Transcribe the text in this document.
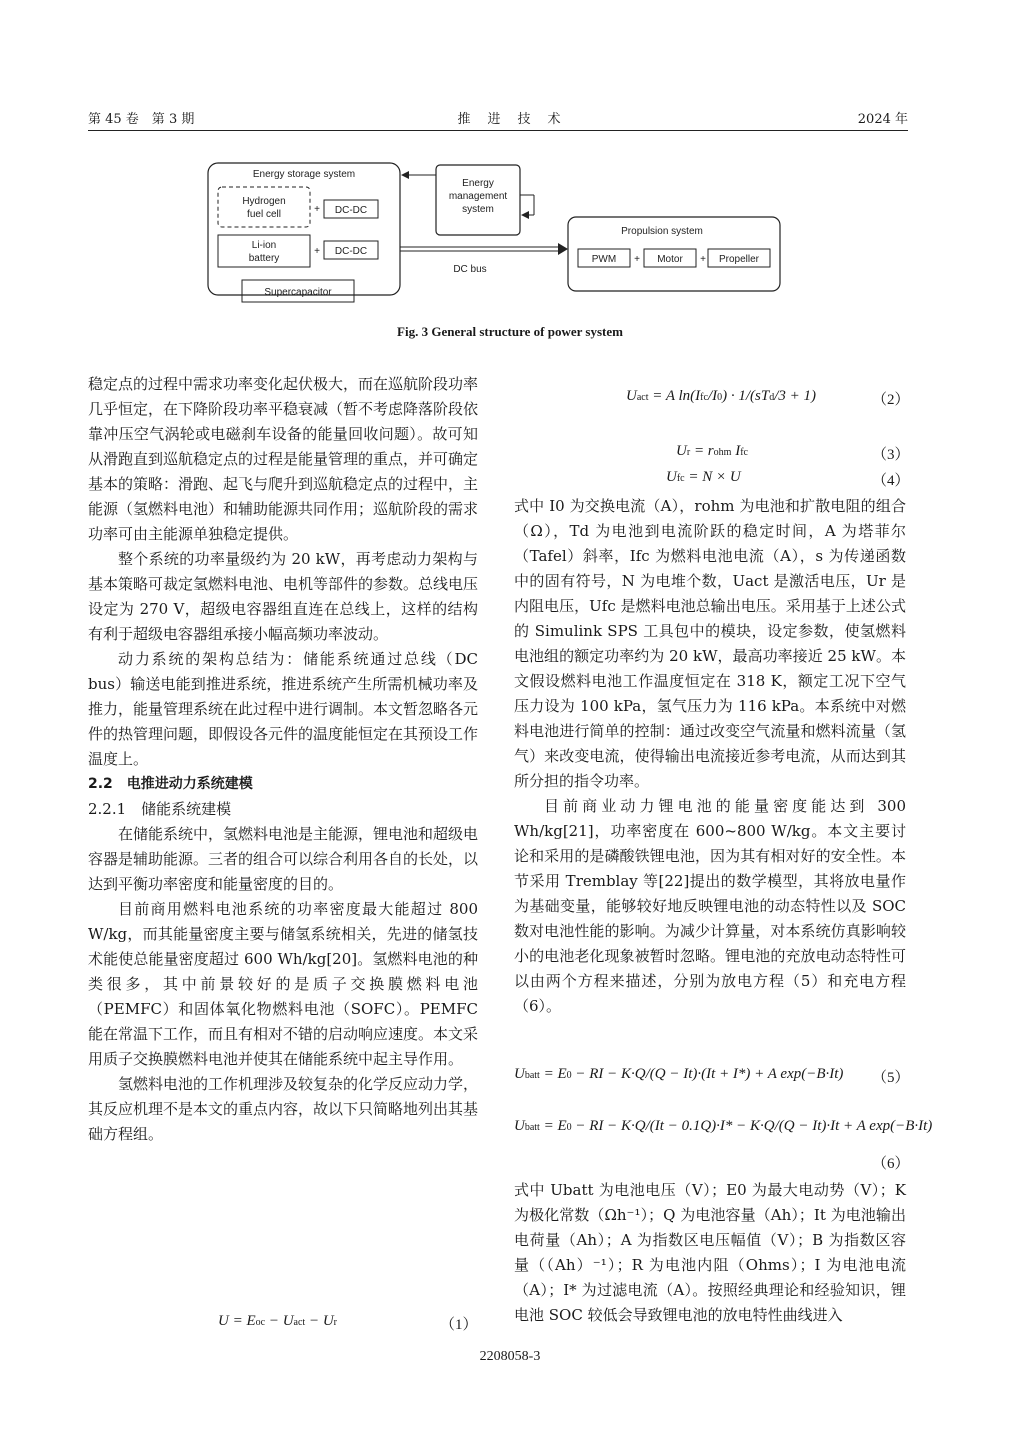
第 45 卷　第 3 期	推　进　技　术	2024 年
Energy storage system
Hydrogen
fuel cell	+ DC-DC
Li-ion
battery
+ DC-DC
Supercapacitor
Energy
management
system
DC bus
Propulsion system
PWM + Motor + Propeller
Fig. 3 General structure of power system

稳定点的过程中需求功率变化起伏极大，而在巡航阶段功率几乎恒定，在下降阶段功率平稳衰减（暂不考虑降落阶段依靠冲压空气涡轮或电磁刹车设备的能量回收问题）。故可知从滑跑直到巡航稳定点的过程是能量管理的重点，并可确定基本的策略：滑跑、起飞与爬升到巡航稳定点的过程中，主能源（氢燃料电池）和辅助能源共同作用；巡航阶段的需求功率可由主能源单独稳定提供。

整个系统的功率量级约为 20 kW，再考虑动力架构与基本策略可裁定氢燃料电池、电机等部件的参数。总线电压设定为 270 V，超级电容器组直连在总线上，这样的结构有利于超级电容器组承接小幅高频功率波动。

动力系统的架构总结为：储能系统通过总线（DC bus）输送电能到推进系统，推进系统产生所需机械功率及推力，能量管理系统在此过程中进行调制。本文暂忽略各元件的热管理问题，即假设各元件的温度能恒定在其预设工作温度上。

2.2　电推进动力系统建模

2.2.1　储能系统建模

在储能系统中，氢燃料电池是主能源，锂电池和超级电容器是辅助能源。三者的组合可以综合利用各自的长处，以达到平衡功率密度和能量密度的目的。

目前商用燃料电池系统的功率密度最大能超过 800 W/kg，而其能量密度主要与储氢系统相关，先进的储氢技术能使总能量密度超过 600 Wh/kg[20]。氢燃料电池的种类很多，其中前景较好的是质子交换膜燃料电池（PEMFC）和固体氧化物燃料电池（SOFC）。PEMFC 能在常温下工作，而且有相对不错的启动响应速度。本文采用质子交换膜燃料电池并使其在储能系统中起主导作用。

氢燃料电池的工作机理涉及较复杂的化学反应动力学，其反应机理不是本文的重点内容，故以下只简略地列出其基础方程组。

U = Eoc − Uact − Ur	（1）
Uact = A ln(Ifc/I0) · 1/(sTd/3 + 1)	（2）
Ur = rohm Ifc	（3）
Ufc = N × U	（4）

式中 I0 为交换电流（A），rohm 为电池和扩散电阻的组合（Ω），Td 为电池到电流阶跃的稳定时间，A 为塔菲尔（Tafel）斜率，Ifc 为燃料电池电流（A），s 为传递函数中的固有符号，N 为电堆个数，Uact 是激活电压，Ur 是内阻电压，Ufc 是燃料电池总输出电压。采用基于上述公式的 Simulink SPS 工具包中的模块，设定参数，使氢燃料电池组的额定功率约为 20 kW，最高功率接近 25 kW。本文假设燃料电池工作温度恒定在 318 K，额定工况下空气压力设为 100 kPa，氢气压力为 116 kPa。本系统中对燃料电池进行简单的控制：通过改变空气流量和燃料流量（氢气）来改变电流，使得输出电流接近参考电流，从而达到其所分担的指令功率。

目前商业动力锂电池的能量密度能达到 300 Wh/kg[21]，功率密度在 600~800 W/kg。本文主要讨论和采用的是磷酸铁锂电池，因为其有相对好的安全性。本节采用 Tremblay 等[22]提出的数学模型，其将放电量作为基础变量，能够较好地反映锂电池的动态特性以及 SOC 数对电池性能的影响。为减少计算量，对本系统仿真影响较小的电池老化现象被暂时忽略。锂电池的充放电动态特性可以由两个方程来描述，分别为放电方程（5）和充电方程（6）。

Ubatt = E0 − RI − K·Q/(Q − It)·(It + I*) + A exp(−B·It) （5）
Ubatt = E0 − RI − K·Q/(It − 0.1Q)·I* − K·Q/(Q − It)·It + A exp(−B·It)
（6）

式中 Ubatt 为电池电压（V）；E0 为最大电动势（V）；K 为极化常数（Ωh⁻¹）；Q 为电池容量（Ah）；It 为电池输出电荷量（Ah）；A 为指数区电压幅值（V）；B 为指数区容量（（Ah）⁻¹）；R 为电池内阻（Ohms）；I 为电池电流（A）；I* 为过滤电流（A）。按照经典理论和经验知识，锂电池 SOC 较低会导致锂电池的放电特性曲线进入

2208058-3
